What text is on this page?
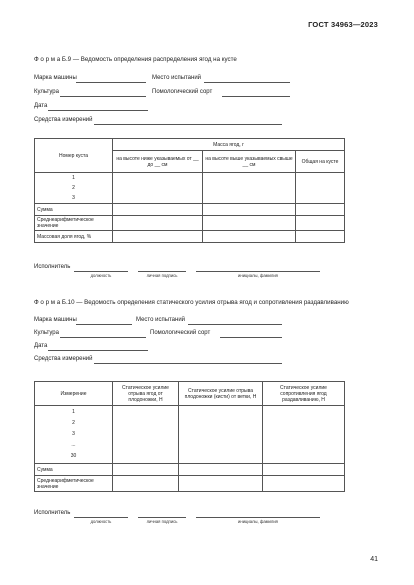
ГОСТ 34963—2023
Ф о р м а Б.9 — Ведомость определения распределения ягод на кусте
Марка машины	Место испытаний
Культура	Помологический сорт
Дата
Средства измерений
Номер куста	Масса ягод, г		
	на высоте ниже указываемых от __ до __ см	на высоте выше указываемых свыше __ см	Общая на кусте

1
2
3			

Сумма			
Среднеарифметическое значение			
Массовая доля ягод, %			
Исполнитель
должность	личная подпись	инициалы, фамилия
Ф о р м а Б.10 — Ведомость определения статического усилия отрыва ягод и сопротивления раздавливанию
Марка машины	Место испытаний
Культура	Помологический сорт
Дата
Средства измерений
Измерение	Статическое усилие отрыва ягод от плодоножки, Н	Статическое усилие отрыва плодоножки (кисти) от ветки, Н	Статическое усилие сопротивления ягод раздавливанию, Н

1
2
3
...
30			

Сумма			
Среднеарифметическое значение			
Исполнитель
должность	личная подпись	инициалы, фамилия
41
